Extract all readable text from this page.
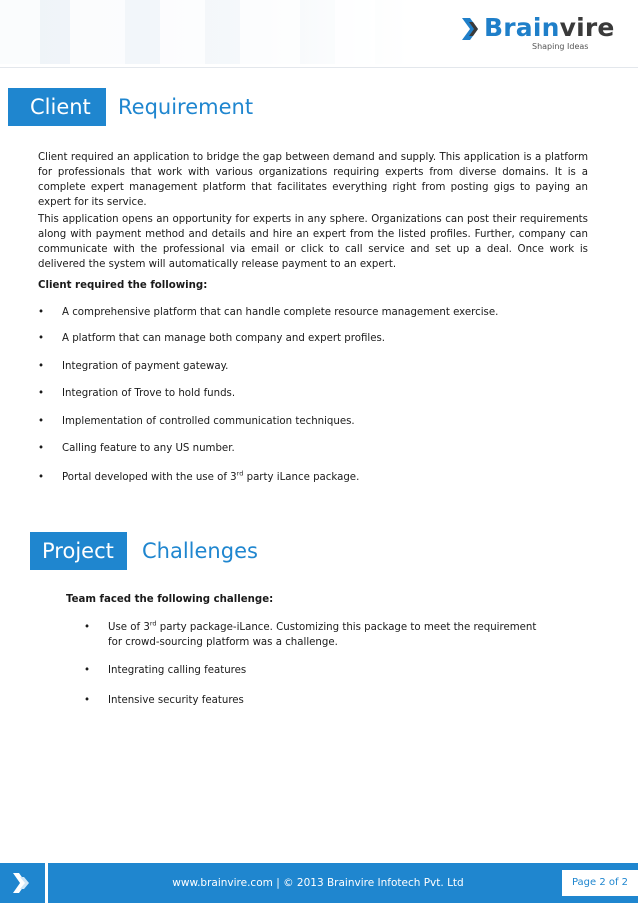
Brainvire
Shaping Ideas
Client Requirement

Client required an application to bridge the gap between demand and supply. This application is a platform for professionals that work with various organizations requiring experts from diverse domains. It is a complete expert management platform that facilitates everything right from posting gigs to paying an expert for its service.

This application opens an opportunity for experts in any sphere. Organizations can post their requirements along with payment method and details and hire an expert from the listed profiles. Further, company can communicate with the professional via email or click to call service and set up a deal. Once work is delivered the system will automatically release payment to an expert.

Client required the following:

• A comprehensive platform that can handle complete resource management exercise.
• A platform that can manage both company and expert profiles.
• Integration of payment gateway.
• Integration of Trove to hold funds.
• Implementation of controlled communication techniques.
• Calling feature to any US number.
• Portal developed with the use of 3rd party iLance package.
Project Challenges

Team faced the following challenge:

• Use of 3rd party package-iLance. Customizing this package to meet the requirement
for crowd-sourcing platform was a challenge.
• Integrating calling features
• Intensive security features
www.brainvire.com | © 2013 Brainvire Infotech Pvt. Ltd	Page 2 of 2
